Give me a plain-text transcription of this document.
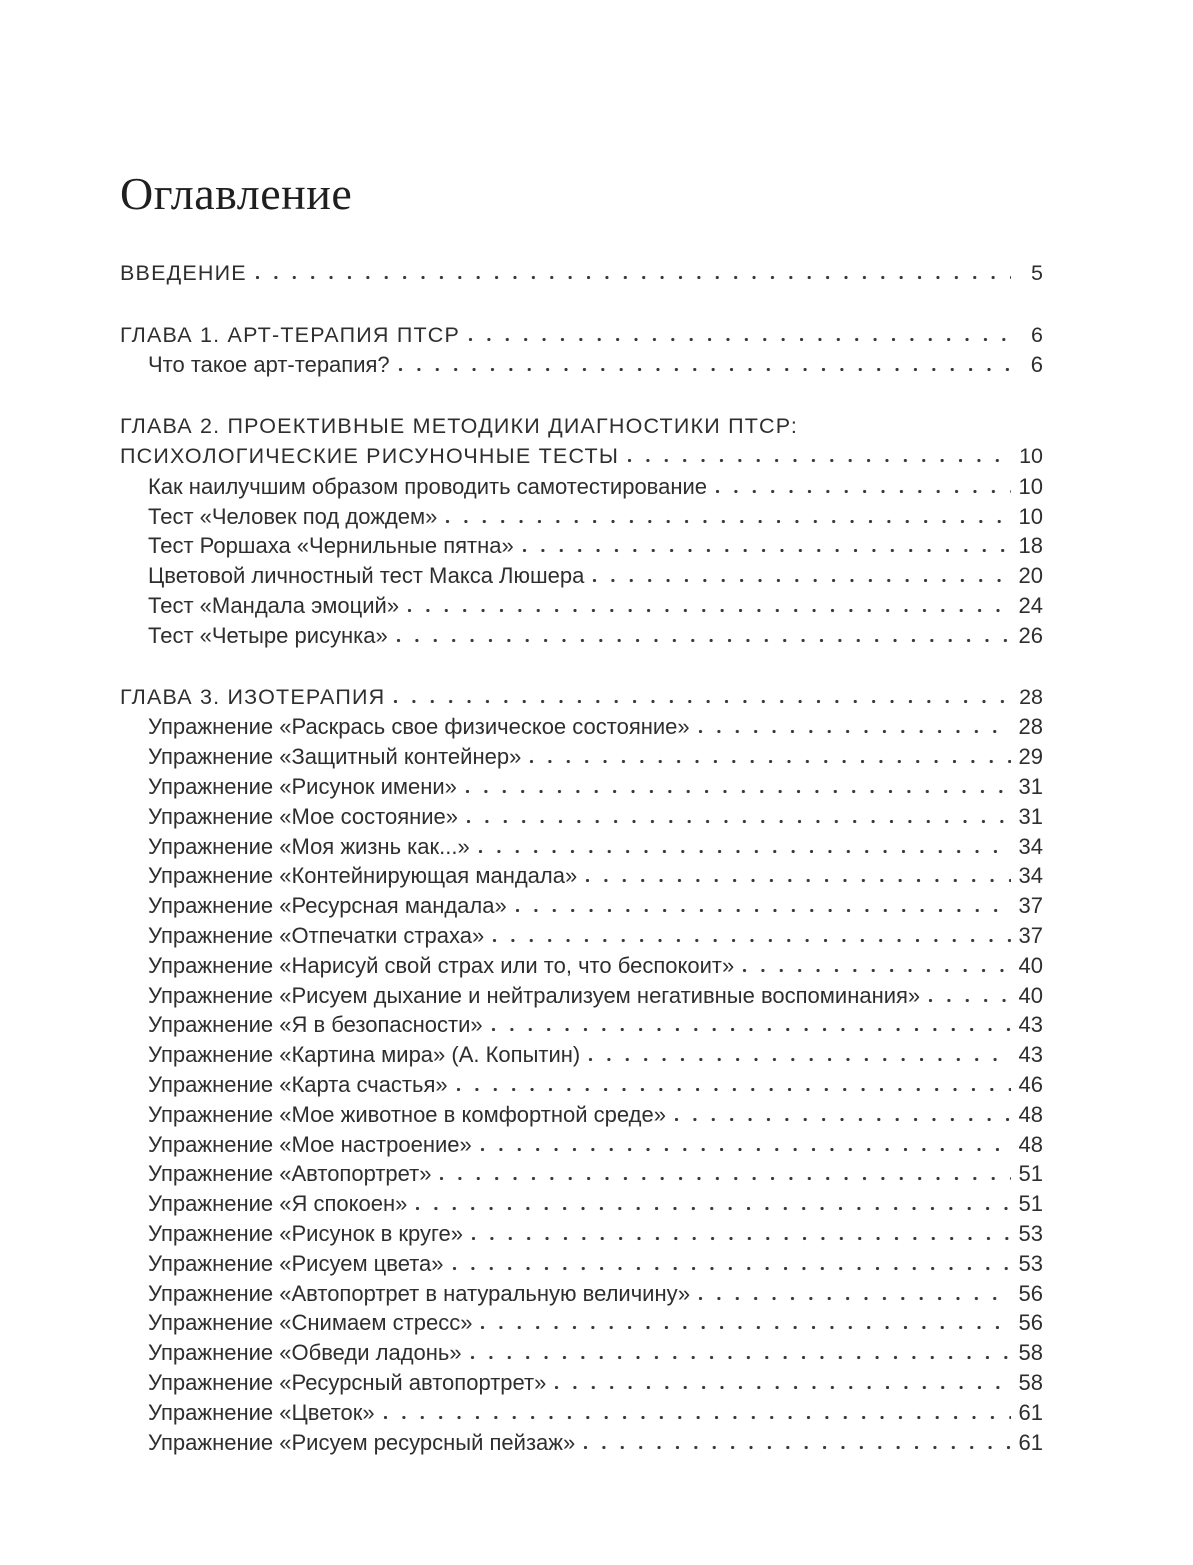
Оглавление
ВВЕДЕНИЕ	5
ГЛАВА 1. АРТ-ТЕРАПИЯ ПТСР	6
Что такое арт-терапия?	6
ГЛАВА 2. ПРОЕКТИВНЫЕ МЕТОДИКИ ДИАГНОСТИКИ ПТСР:
ПСИХОЛОГИЧЕСКИЕ РИСУНОЧНЫЕ ТЕСТЫ	10
Как наилучшим образом проводить самотестирование	10
Тест «Человек под дождем»	10
Тест Роршаха «Чернильные пятна»	18
Цветовой личностный тест Макса Люшера	20
Тест «Мандала эмоций»	24
Тест «Четыре рисунка»	26
ГЛАВА 3. ИЗОТЕРАПИЯ	28
Упражнение «Раскрась свое физическое состояние»	28
Упражнение «Защитный контейнер»	29
Упражнение «Рисунок имени»	31
Упражнение «Мое состояние»	31
Упражнение «Моя жизнь как...»	34
Упражнение «Контейнирующая мандала»	34
Упражнение «Ресурсная мандала»	37
Упражнение «Отпечатки страха»	37
Упражнение «Нарисуй свой страх или то, что беспокоит»	40
Упражнение «Рисуем дыхание и нейтрализуем негативные воспоминания»	40
Упражнение «Я в безопасности»	43
Упражнение «Картина мира» (А. Копытин)	43
Упражнение «Карта счастья»	46
Упражнение «Мое животное в комфортной среде»	48
Упражнение «Мое настроение»	48
Упражнение «Автопортрет»	51
Упражнение «Я спокоен»	51
Упражнение «Рисунок в круге»	53
Упражнение «Рисуем цвета»	53
Упражнение «Автопортрет в натуральную величину»	56
Упражнение «Снимаем стресс»	56
Упражнение «Обведи ладонь»	58
Упражнение «Ресурсный автопортрет»	58
Упражнение «Цветок»	61
Упражнение «Рисуем ресурсный пейзаж»	61
